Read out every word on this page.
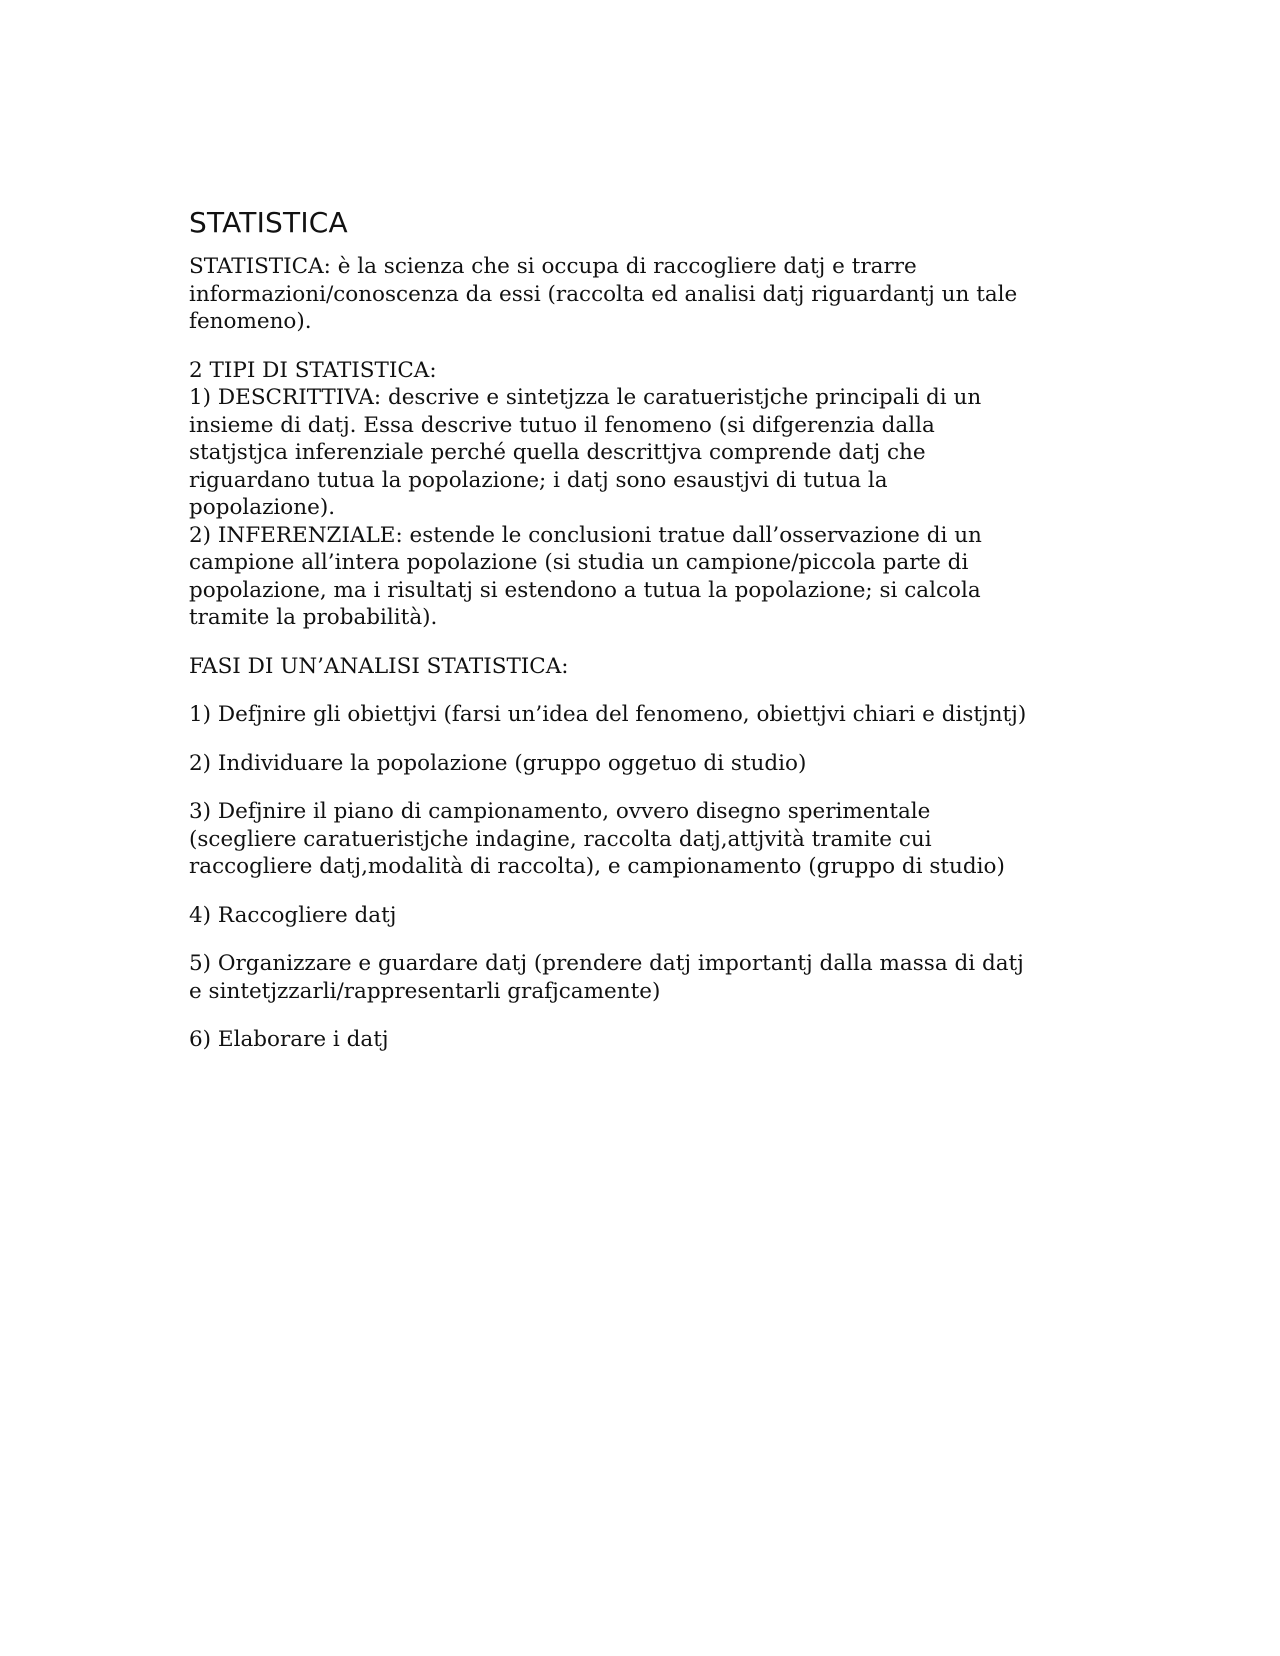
STATISTICA

STATISTICA: è la scienza che si occupa di raccogliere datj e trarre
informazioni/conoscenza da essi (raccolta ed analisi datj riguardantj un tale
fenomeno).

2 TIPI DI STATISTICA:
1) DESCRITTIVA: descrive e sintetjzza le caratueristjche principali di un
insieme di datj. Essa descrive tutuo il fenomeno (si difgerenzia dalla
statjstjca inferenziale perché quella descrittjva comprende datj che
riguardano tutua la popolazione; i datj sono esaustjvi di tutua la
popolazione).
2) INFERENZIALE: estende le conclusioni tratue dall’osservazione di un
campione all’intera popolazione (si studia un campione/piccola parte di
popolazione, ma i risultatj si estendono a tutua la popolazione; si calcola
tramite la probabilità).

FASI DI UN’ANALISI STATISTICA:

1) Defjnire gli obiettjvi (farsi un’idea del fenomeno, obiettjvi chiari e distjntj)

2) Individuare la popolazione (gruppo oggetuo di studio)

3) Defjnire il piano di campionamento, ovvero disegno sperimentale
(scegliere caratueristjche indagine, raccolta datj,attjvità tramite cui
raccogliere datj,modalità di raccolta), e campionamento (gruppo di studio)

4) Raccogliere datj

5) Organizzare e guardare datj (prendere datj importantj dalla massa di datj
e sintetjzzarli/rappresentarli grafjcamente)

6) Elaborare i datj
